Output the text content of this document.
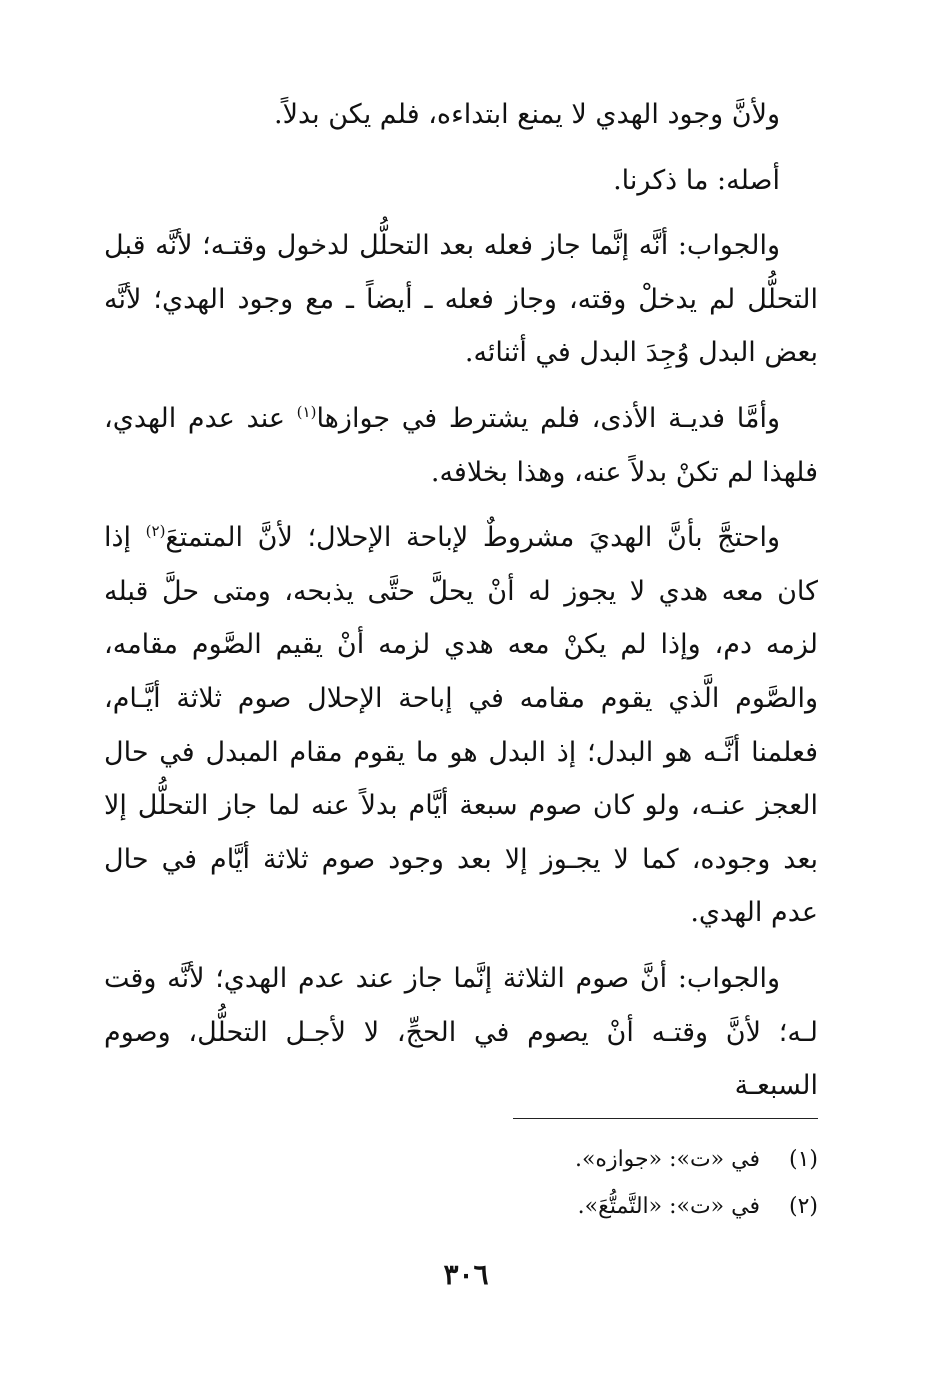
ولأنَّ وجود الهدي لا يمنع ابتداءه، فلم يكن بدلاً.

أصله: ما ذكرنا.

والجواب: أنَّه إنَّما جاز فعله بعد التحلُّل لدخول وقتـه؛ لأنَّه قبل التحلُّل لم يدخلْ وقته، وجاز فعله ـ أيضاً ـ مع وجود الهدي؛ لأنَّه بعض البدل وُجِدَ البدل في أثنائه.

وأمَّا فديـة الأذى، فلم يشترط في جوازها$^{(١)}$ عند عدم الهدي، فلهذا لم تكنْ بدلاً عنه، وهذا بخلافه.

واحتجَّ بأنَّ الهديَ مشروطٌ لإباحة الإحلال؛ لأنَّ المتمتعَ$^{(٢)}$ إذا كان معه هدي لا يجوز له أنْ يحلَّ حتَّى يذبحه، ومتى حلَّ قبله لزمه دم، وإذا لم يكنْ معه هدي لزمه أنْ يقيم الصَّوم مقامه، والصَّوم الَّذي يقوم مقامه في إباحة الإحلال صوم ثلاثة أيَّـام، فعلمنا أنَّـه هو البدل؛ إذ البدل هو ما يقوم مقام المبدل في حال العجز عنـه، ولو كان صوم سبعة أيَّام بدلاً عنه لما جاز التحلُّل إلا بعد وجوده، كما لا يجـوز إلا بعد وجود صوم ثلاثة أيَّام في حال عدم الهدي.

والجواب: أنَّ صوم الثلاثة إنَّما جاز عند عدم الهدي؛ لأنَّه وقت لـه؛ لأنَّ وقتـه أنْ يصوم في الحجِّ، لا لأجـل التحلُّل، وصوم السبعـة

(١)في «ت»: «جوازه».
(٢)في «ت»: «التَّمتُّعَ».
٣٠٦
